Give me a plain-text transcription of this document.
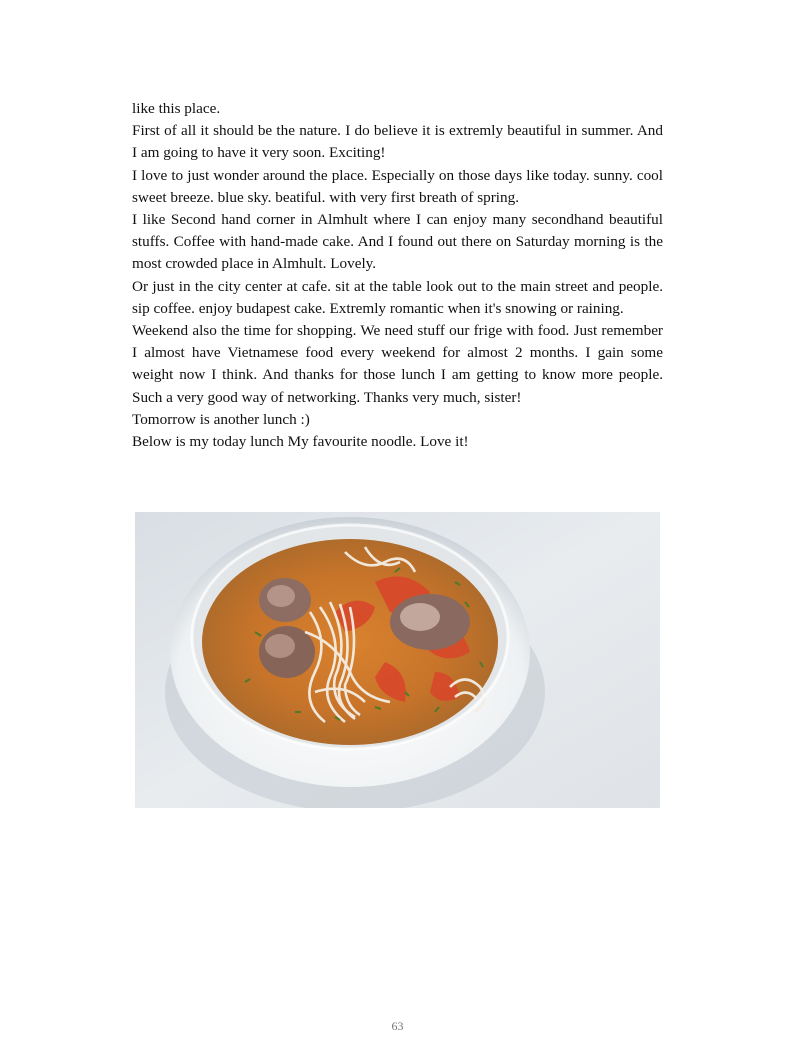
like this place.

First of all it should be the nature. I do believe it is extremly beautiful in summer. And I am going to have it very soon. Exciting!

I love to just wonder around the place. Especially on those days like today. sunny. cool sweet breeze. blue sky. beatiful. with very first breath of spring.

I like Second hand corner in Almhult where I can enjoy many secondhand beautiful stuffs. Coffee with hand-made cake. And I found out there on Saturday morning is the most crowded place in Almhult. Lovely.

Or just in the city center at cafe. sit at the table look out to the main street and people. sip coffee. enjoy budapest cake. Extremly romantic when it's snowing or raining.

Weekend also the time for shopping. We need stuff our frige with food. Just remember I almost have Vietnamese food every weekend for almost 2 months. I gain some weight now I think. And thanks for those lunch I am getting to know more people. Such a very good way of networking. Thanks very much, sister!

Tomorrow is another lunch :)

Below is my today lunch My favourite noodle. Love it!

63
